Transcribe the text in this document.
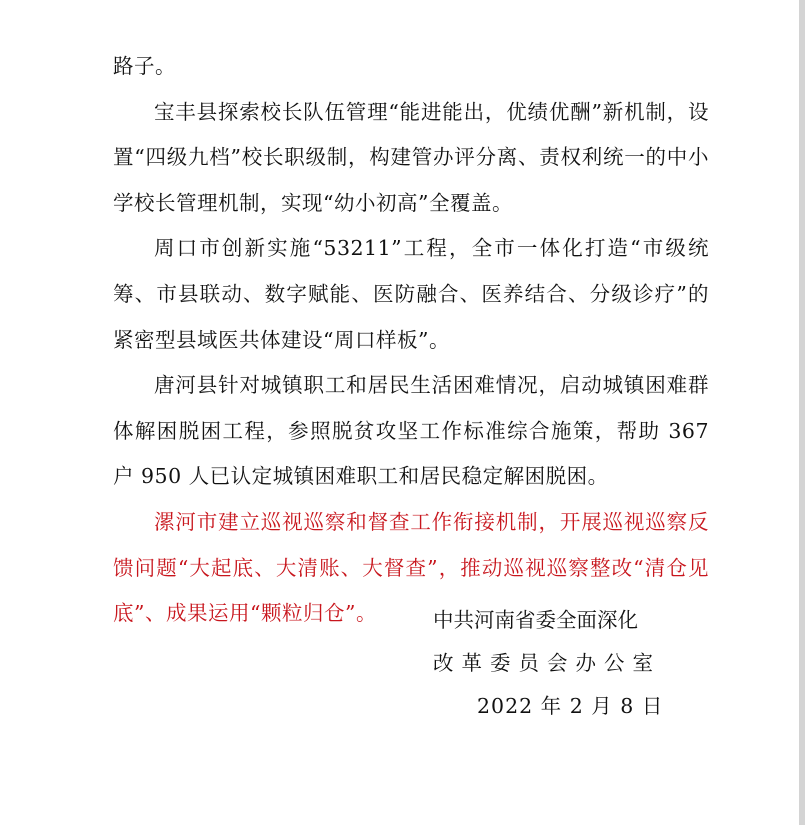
路子。

宝丰县探索校长队伍管理“能进能出，优绩优酬”新机制，设置“四级九档”校长职级制，构建管办评分离、责权利统一的中小学校长管理机制，实现“幼小初高”全覆盖。

周口市创新实施“53211”工程，全市一体化打造“市级统筹、市县联动、数字赋能、医防融合、医养结合、分级诊疗”的紧密型县域医共体建设“周口样板”。

唐河县针对城镇职工和居民生活困难情况，启动城镇困难群体解困脱困工程，参照脱贫攻坚工作标准综合施策，帮助 367 户 950 人已认定城镇困难职工和居民稳定解困脱困。

漯河市建立巡视巡察和督查工作衔接机制，开展巡视巡察反馈问题“大起底、大清账、大督查”，推动巡视巡察整改“清仓见底”、成果运用“颗粒归仓”。	中共河南省委全面深化
改革委员会办公室
2022 年 2 月 8 日
